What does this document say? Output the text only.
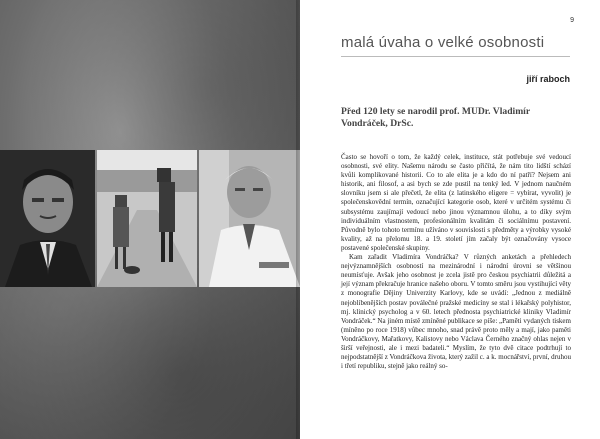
9
malá úvaha o velké osobnosti
jiří raboch
Před 120 lety se narodil prof. MUDr. Vladimír Vondráček, DrSc.

Často se hovoří o tom, že každý celek, instituce, stát potřebuje své vedoucí osobnosti, své elity. Našemu národu se často přičítá, že nám tito lidští schází kvůli komplikované historii. Co to ale elita je a kdo do ní patří? Nejsem ani historik, ani filosof, a asi bych se zde pustil na tenký led. V jednom naučném slovníku jsem si ale přečetl, že elita (z latinského eligere = vybírat, vyvolit) je společenskovědní termín, označující kategorie osob, které v určitém systému či subsystému zaujímají vedoucí nebo jinou významnou úlohu, a to díky svým individuálním vlastnostem, profesionálním kvalitám či sociálnímu postavení. Původně bylo tohoto termínu užíváno v souvislosti s předměty a výrobky vysoké kvality, až na přelomu 18. a 19. století jím začaly být označovány vysoce postavené společenské skupiny.

Kam zařadit Vladimíra Vondráčka? V různých anketách a přehledech nejvýznamnějších osobností na mezinárodní i národní úrovni se většinou neumísťuje. Avšak jeho osobnost je zcela jistě pro českou psychiatrii důležitá a její význam překračuje hranice našeho oboru. V tomto směru jsou vystihující věty z monografie Dějiny Univerzity Karlovy, kde se uvádí: „Jednou z mediálně nejoblíbenějších postav poválečné pražské medicíny se stal i lékařský polyhistor, mj. klinický psycholog a v 60. letech přednosta psychiatrické kliniky Vladimír Vondráček.“ Na jiném místě zmíněné publikace se píše: „Paměti vydaných tiskem (míněno po roce 1918) vůbec mnoho, snad právě proto měly a mají, jako paměti Vondráčkovy, Mařatkovy, Kalistovy nebo Václava Černého značný ohlas nejen v širší veřejnosti, ale i mezi badateli.“ Myslím, že tyto dvě citace podtrhují to nejpodstatnější z Vondráčkova života, který zažil c. a k. mocnářství, první, druhou i třetí republiku, stejně jako reálný so-
